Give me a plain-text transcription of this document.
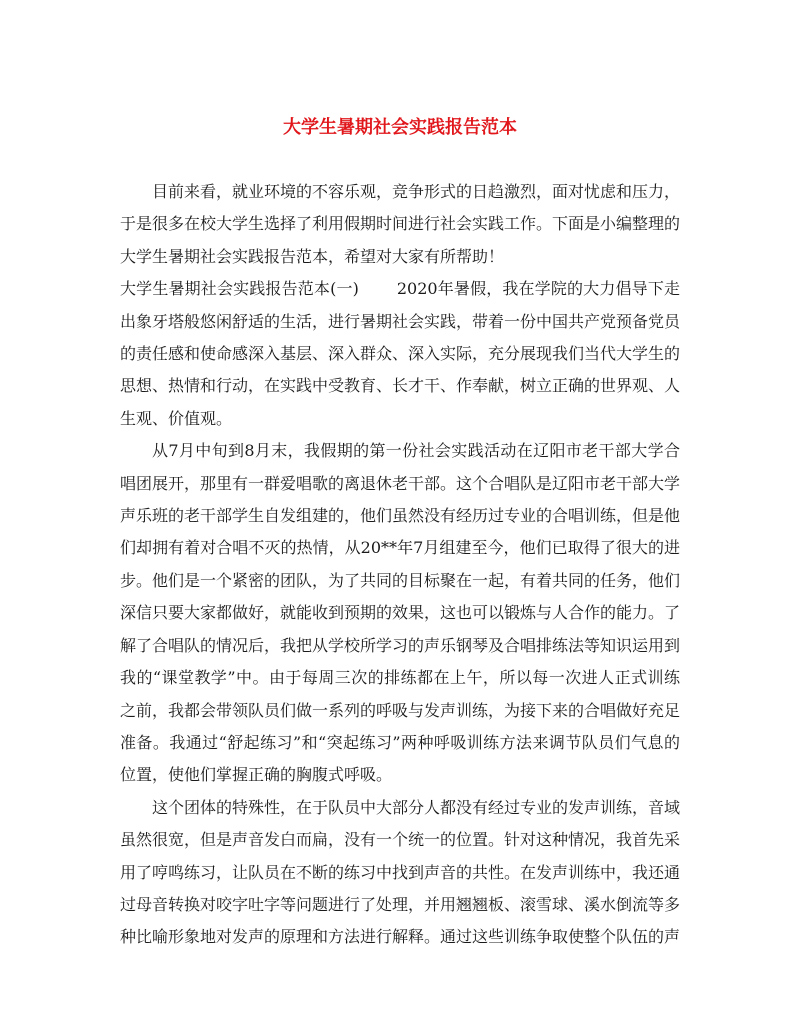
大学生暑期社会实践报告范本

目前来看，就业环境的不容乐观，竞争形式的日趋激烈，面对忧虑和压力，于是很多在校大学生选择了利用假期时间进行社会实践工作。下面是小编整理的大学生暑期社会实践报告范本，希望对大家有所帮助！

大学生暑期社会实践报告范本(一) 2020年暑假，我在学院的大力倡导下走出象牙塔般悠闲舒适的生活，进行暑期社会实践，带着一份中国共产党预备党员的责任感和使命感深入基层、深入群众、深入实际，充分展现我们当代大学生的思想、热情和行动，在实践中受教育、长才干、作奉献，树立正确的世界观、人生观、价值观。

从7月中旬到8月末，我假期的第一份社会实践活动在辽阳市老干部大学合唱团展开，那里有一群爱唱歌的离退休老干部。这个合唱队是辽阳市老干部大学声乐班的老干部学生自发组建的，他们虽然没有经历过专业的合唱训练，但是他们却拥有着对合唱不灭的热情，从20**年7月组建至今，他们已取得了很大的进步。他们是一个紧密的团队，为了共同的目标聚在一起，有着共同的任务，他们深信只要大家都做好，就能收到预期的效果，这也可以锻炼与人合作的能力。了解了合唱队的情况后，我把从学校所学习的声乐钢琴及合唱排练法等知识运用到我的“课堂教学”中。由于每周三次的排练都在上午，所以每一次进人正式训练之前，我都会带领队员们做一系列的呼吸与发声训练，为接下来的合唱做好充足准备。我通过“舒起练习”和“突起练习”两种呼吸训练方法来调节队员们气息的位置，使他们掌握正确的胸腹式呼吸。

这个团体的特殊性，在于队员中大部分人都没有经过专业的发声训练，音域虽然很宽，但是声音发白而扁，没有一个统一的位置。针对这种情况，我首先采用了哼鸣练习，让队员在不断的练习中找到声音的共性。在发声训练中，我还通过母音转换对咬字吐字等问题进行了处理，并用翘翘板、滚雪球、溪水倒流等多种比喻形象地对发声的原理和方法进行解释。通过这些训练争取使整个队伍的声
